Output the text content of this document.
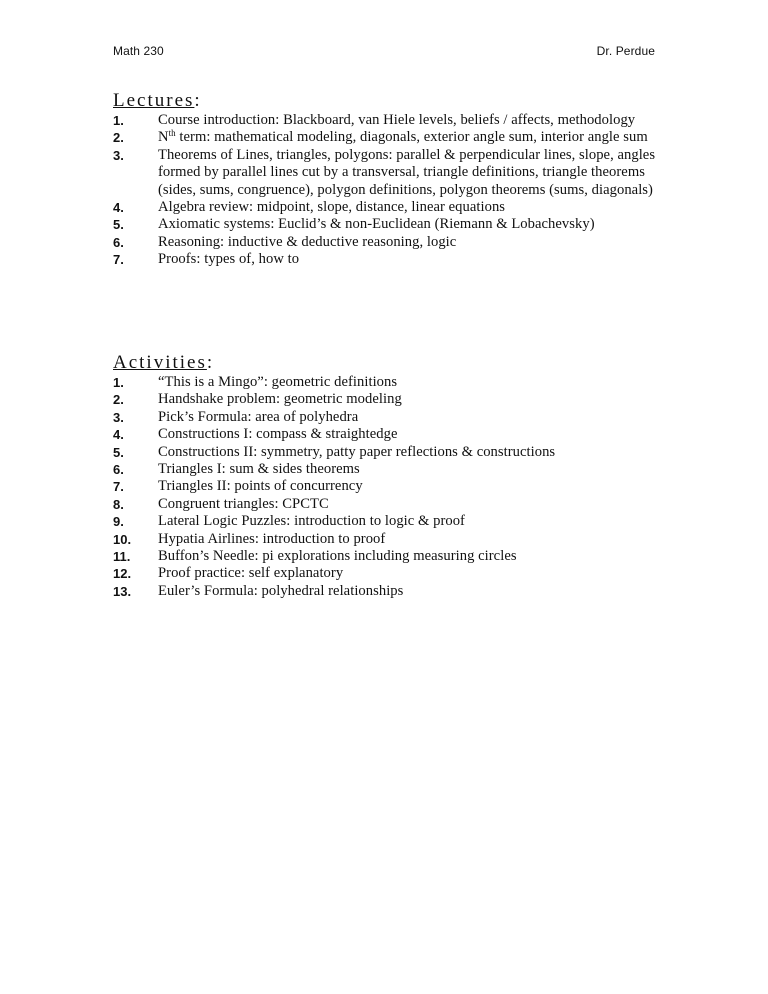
Math 230	Dr. Perdue
Lectures:
1.	Course introduction: Blackboard, van Hiele levels, beliefs / affects, methodology
2.	$N^{th}$ term: mathematical modeling, diagonals, exterior angle sum, interior angle sum
3.	Theorems of Lines, triangles, polygons: parallel & perpendicular lines, slope, angles formed by parallel lines cut by a transversal, triangle definitions, triangle theorems (sides, sums, congruence), polygon definitions, polygon theorems (sums, diagonals)
4.	Algebra review: midpoint, slope, distance, linear equations
5.	Axiomatic systems: Euclid’s & non-Euclidean (Riemann & Lobachevsky)
6.	Reasoning: inductive & deductive reasoning, logic
7.	Proofs: types of, how to
Activities:
1.	“This is a Mingo”: geometric definitions
2.	Handshake problem: geometric modeling
3.	Pick’s Formula: area of polyhedra
4.	Constructions I: compass & straightedge
5.	Constructions II: symmetry, patty paper reflections & constructions
6.	Triangles I: sum & sides theorems
7.	Triangles II: points of concurrency
8.	Congruent triangles: CPCTC
9.	Lateral Logic Puzzles: introduction to logic & proof
10.	Hypatia Airlines: introduction to proof
11.	Buffon’s Needle: pi explorations including measuring circles
12.	Proof practice: self explanatory
13.	Euler’s Formula: polyhedral relationships
